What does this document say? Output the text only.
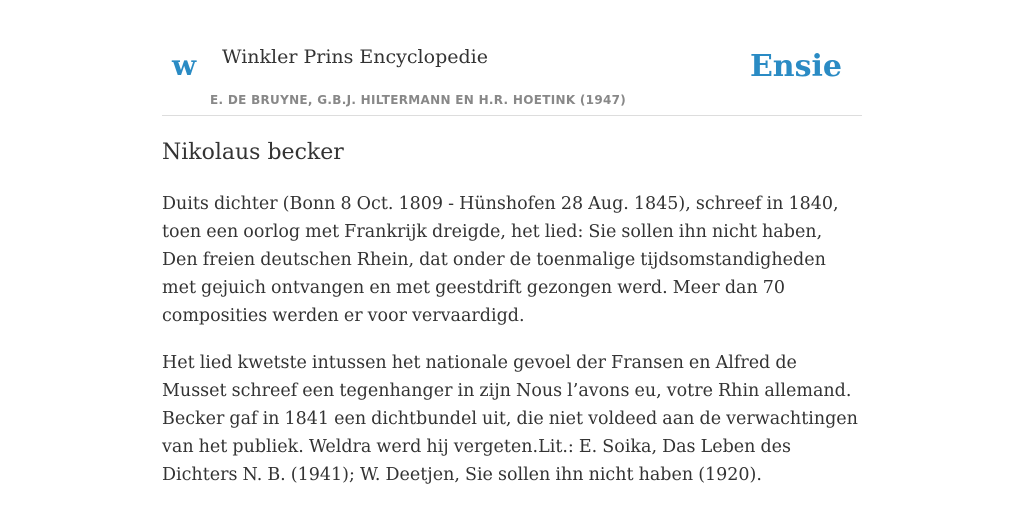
w Winkler Prins Encyclopedie
E. DE BRUYNE, G.B.J. HILTERMANN EN H.R. HOETINK (1947)
Ensie
Nikolaus becker

Duits dichter (Bonn 8 Oct. 1809 - Hünshofen 28 Aug. 1845), schreef in 1840, toen een oorlog met Frankrijk dreigde, het lied: Sie sollen ihn nicht haben, Den freien deutschen Rhein, dat onder de toenmalige tijdsomstandigheden met gejuich ontvangen en met geestdrift gezongen werd. Meer dan 70 composities werden er voor vervaardigd.

Het lied kwetste intussen het nationale gevoel der Fransen en Alfred de Musset schreef een tegenhanger in zijn Nous l’avons eu, votre Rhin allemand. Becker gaf in 1841 een dichtbundel uit, die niet voldeed aan de verwachtingen van het publiek. Weldra werd hij vergeten.Lit.: E. Soika, Das Leben des Dichters N. B. (1941); W. Deetjen, Sie sollen ihn nicht haben (1920).
